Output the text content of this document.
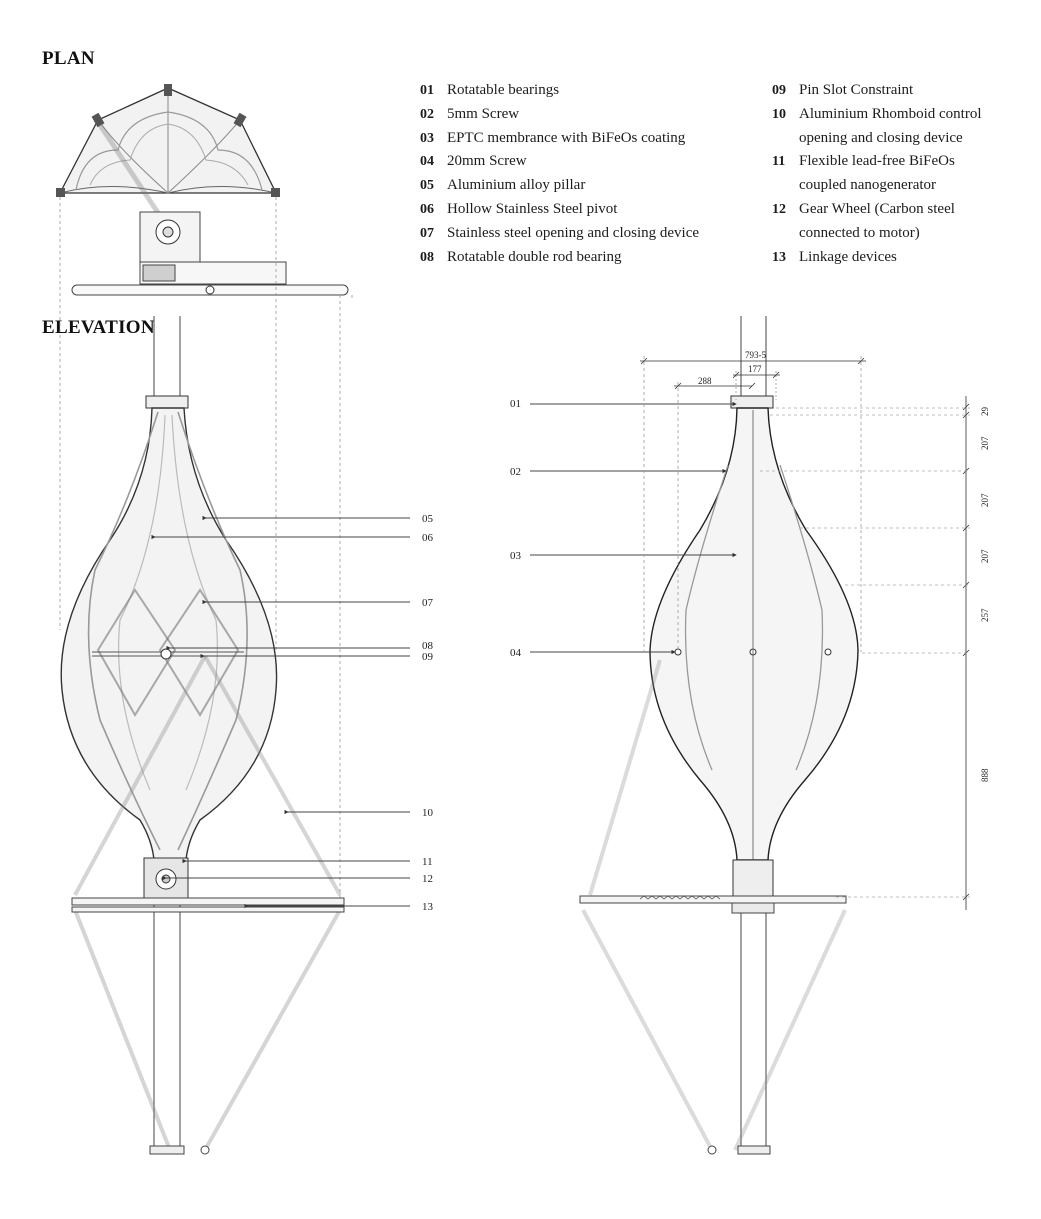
PLAN
ELEVATION
01 Rotatable bearings
02 5mm Screw
03 EPTC membrance with BiFeOs coating
04 20mm Screw
05 Aluminium alloy pillar
06 Hollow Stainless Steel pivot
07 Stainless steel opening and closing device
08 Rotatable double rod bearing
09 Pin Slot Constraint
10 Aluminium Rhomboid control
opening and closing device
11 Flexible lead-free BiFeOs
coupled nanogenerator
12 Gear Wheel (Carbon steel
connected to motor)
13 Linkage devices
05
06
07
08
09
10
11
12
13
01
02
03
04
793-5
177
288
29
207
207
207
257
888
